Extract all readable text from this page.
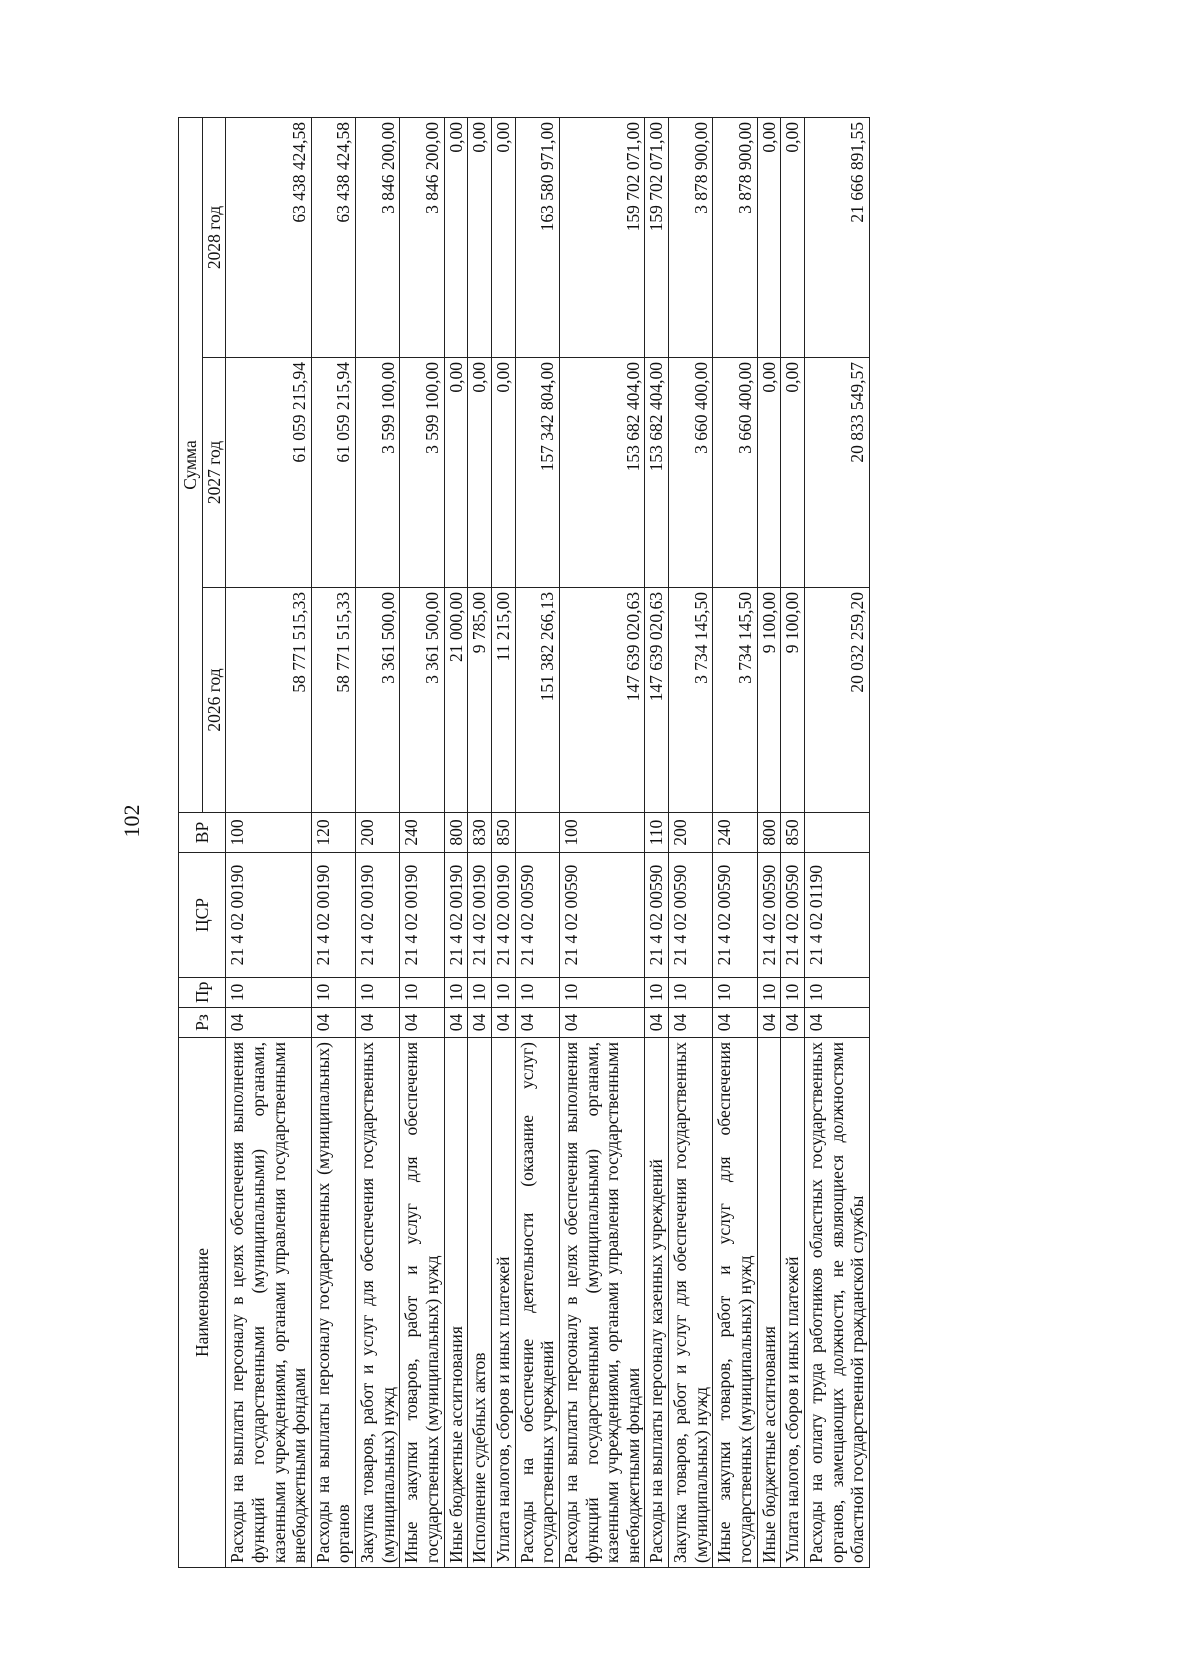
102
Наименование	Рз	Пр	ЦСР	ВР	Сумма		
					2026 год	2027 год	2028 год
Расходы на выплаты персоналу в целях обеспечения выполнения функций государственными (муниципальными) органами, казенными учреждениями, органами управления государственными внебюджетными фондами	04	10	21 4 02 00190	100	58 771 515,33	61 059 215,94	63 438 424,58
Расходы на выплаты персоналу государственных (муниципальных) органов	04	10	21 4 02 00190	120	58 771 515,33	61 059 215,94	63 438 424,58
Закупка товаров, работ и услуг для обеспечения государственных (муниципальных) нужд	04	10	21 4 02 00190	200	3 361 500,00	3 599 100,00	3 846 200,00
Иные закупки товаров, работ и услуг для обеспечения государственных (муниципальных) нужд	04	10	21 4 02 00190	240	3 361 500,00	3 599 100,00	3 846 200,00
Иные бюджетные ассигнования	04	10	21 4 02 00190	800	21 000,00	0,00	0,00
Исполнение судебных актов	04	10	21 4 02 00190	830	9 785,00	0,00	0,00
Уплата налогов, сборов и иных платежей	04	10	21 4 02 00190	850	11 215,00	0,00	0,00
Расходы на обеспечение деятельности (оказание услуг) государственных учреждений	04	10	21 4 02 00590		151 382 266,13	157 342 804,00	163 580 971,00
Расходы на выплаты персоналу в целях обеспечения выполнения функций государственными (муниципальными) органами, казенными учреждениями, органами управления государственными внебюджетными фондами	04	10	21 4 02 00590	100	147 639 020,63	153 682 404,00	159 702 071,00
Расходы на выплаты персоналу казенных учреждений	04	10	21 4 02 00590	110	147 639 020,63	153 682 404,00	159 702 071,00
Закупка товаров, работ и услуг для обеспечения государственных (муниципальных) нужд	04	10	21 4 02 00590	200	3 734 145,50	3 660 400,00	3 878 900,00
Иные закупки товаров, работ и услуг для обеспечения государственных (муниципальных) нужд	04	10	21 4 02 00590	240	3 734 145,50	3 660 400,00	3 878 900,00
Иные бюджетные ассигнования	04	10	21 4 02 00590	800	9 100,00	0,00	0,00
Уплата налогов, сборов и иных платежей	04	10	21 4 02 00590	850	9 100,00	0,00	0,00
Расходы на оплату труда работников областных государственных органов, замещающих должности, не являющиеся должностями областной государственной гражданской службы	04	10	21 4 02 01190		20 032 259,20	20 833 549,57	21 666 891,55
